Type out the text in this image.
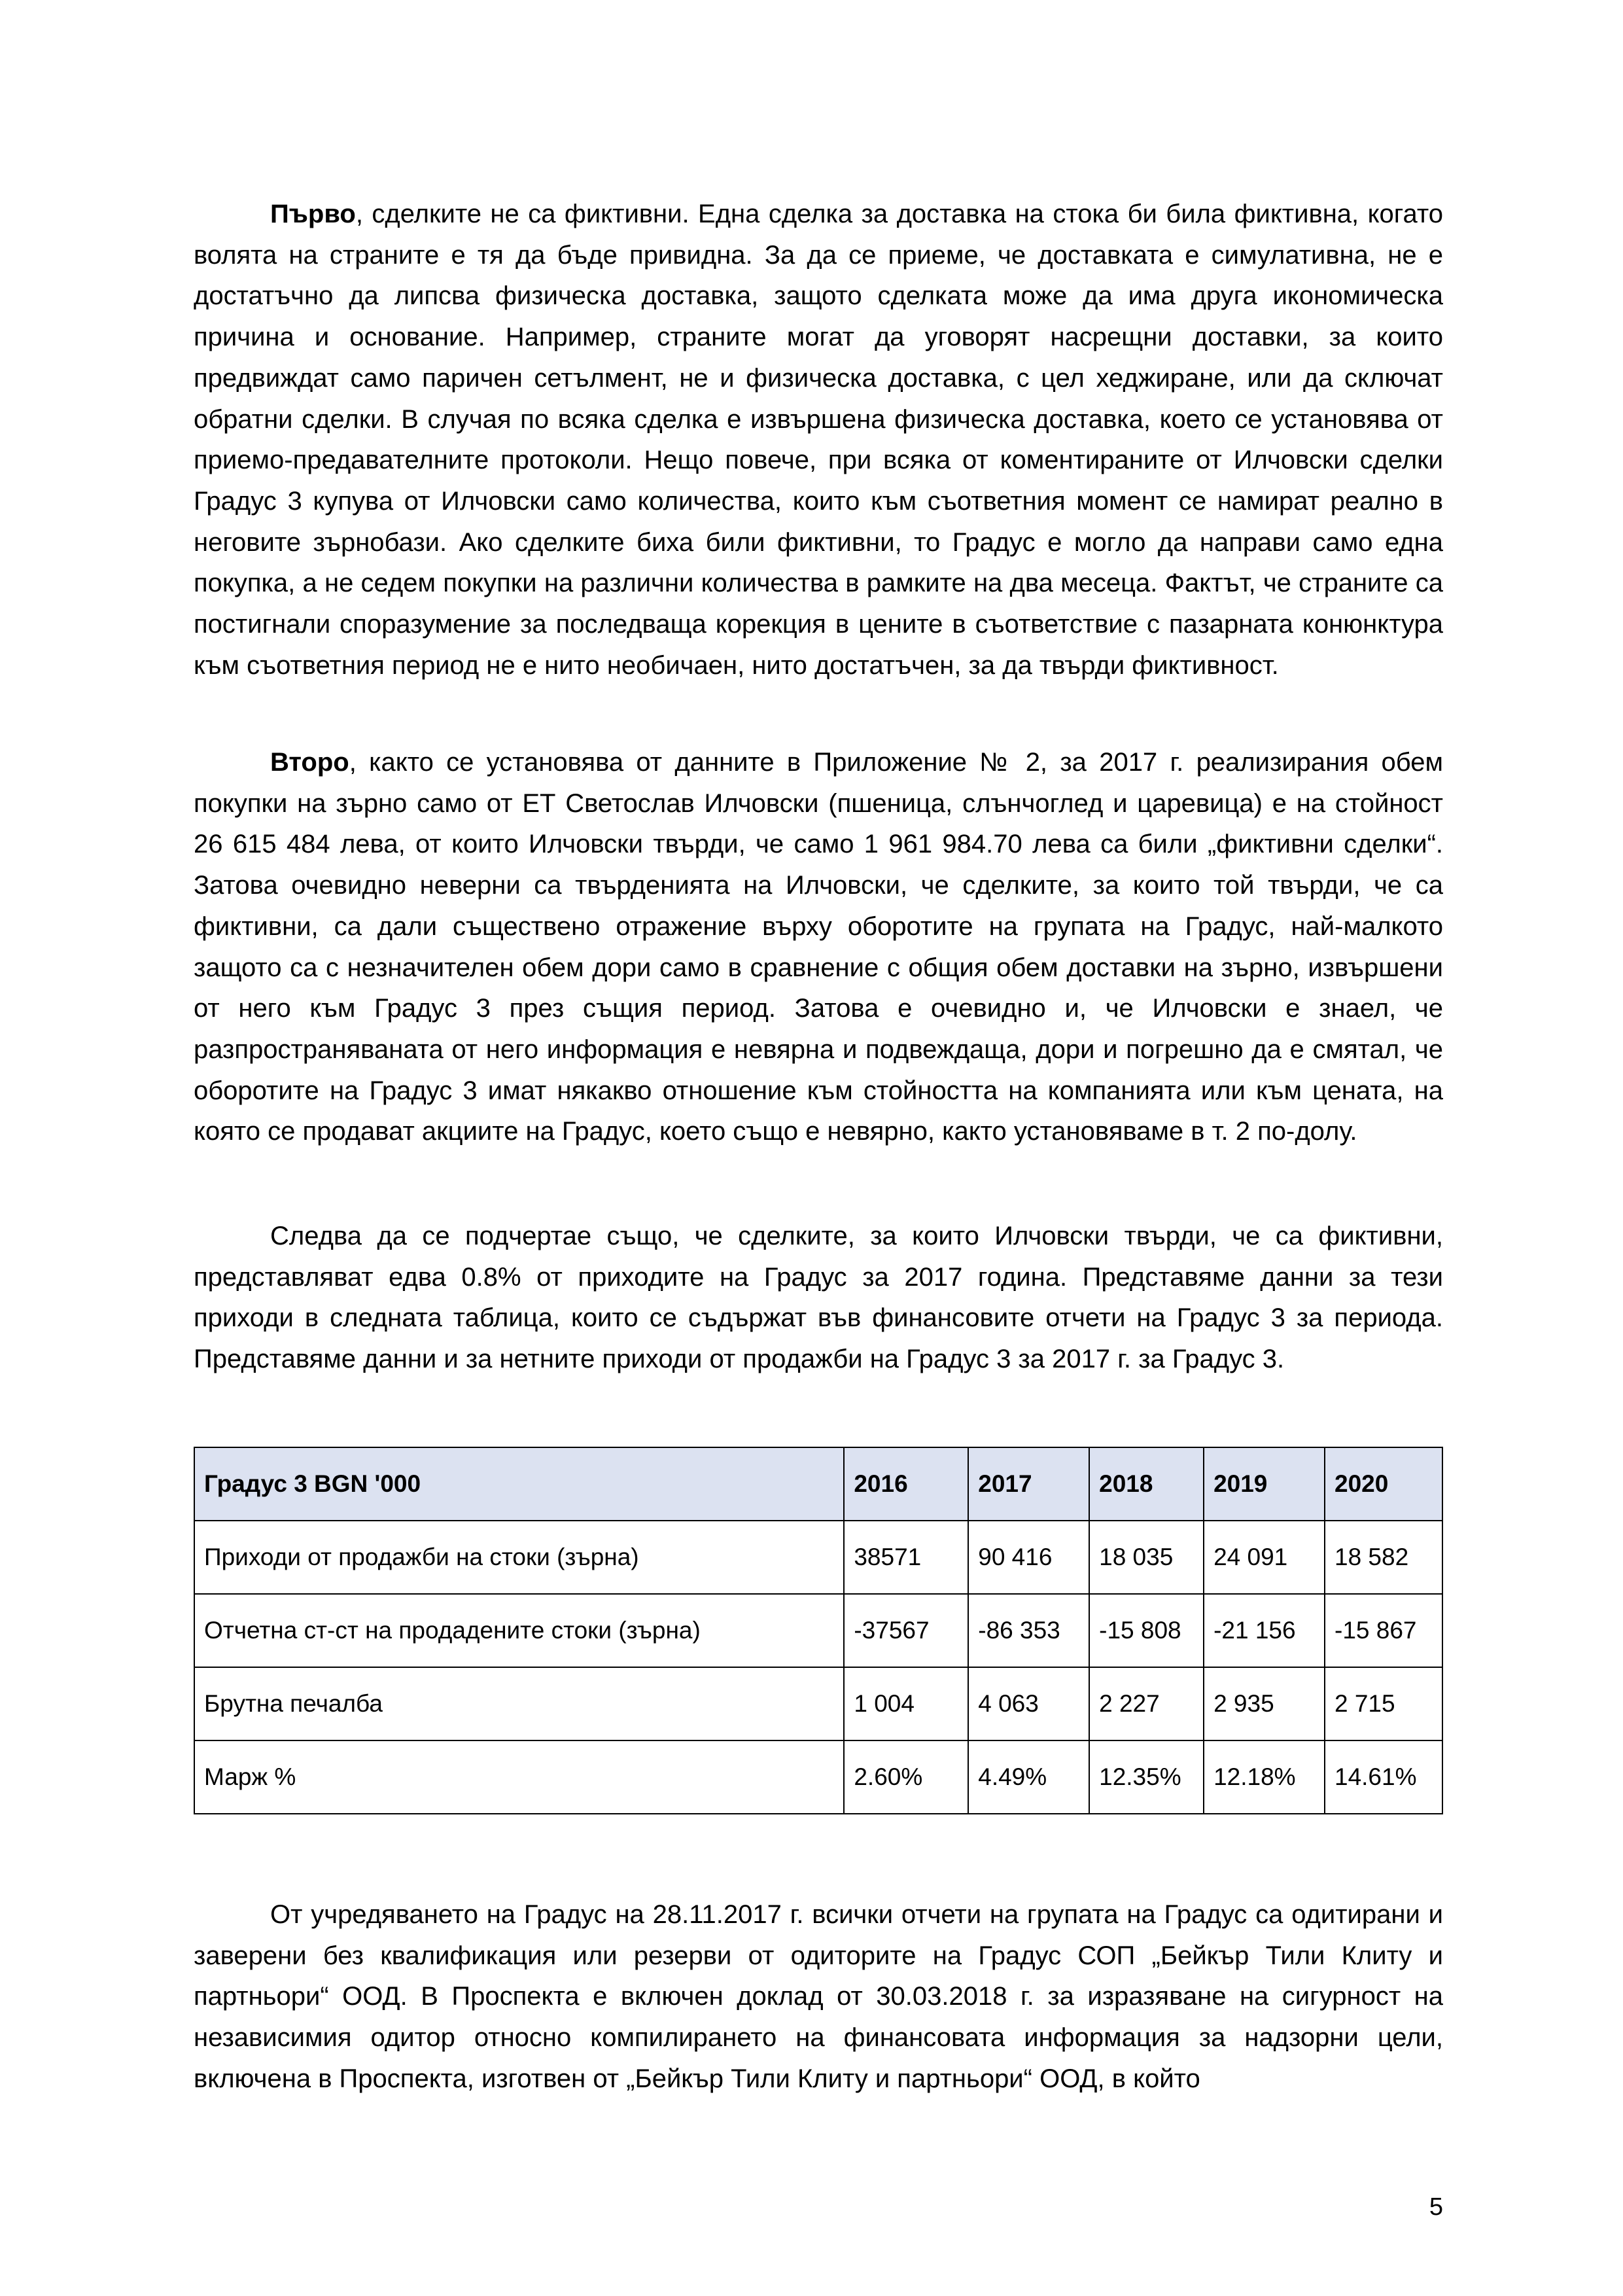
Първо, сделките не са фиктивни. Една сделка за доставка на стока би била фиктивна, когато волята на страните е тя да бъде привидна. За да се приеме, че доставката е симулативна, не е достатъчно да липсва физическа доставка, защото сделката може да има друга икономическа причина и основание. Например, страните могат да уговорят насрещни доставки, за които предвиждат само паричен сетълмент, не и физическа доставка, с цел хеджиране, или да сключат обратни сделки. В случая по всяка сделка е извършена физическа доставка, което се установява от приемо-предавателните протоколи. Нещо повече, при всяка от коментираните от Илчовски сделки Градус 3 купува от Илчовски само количества, които към съответния момент се намират реално в неговите зърнобази. Ако сделките биха били фиктивни, то Градус е могло да направи само една покупка, а не седем покупки на различни количества в рамките на два месеца. Фактът, че страните са постигнали споразумение за последваща корекция в цените в съответствие с пазарната конюнктура към съответния период не е нито необичаен, нито достатъчен, за да твърди фиктивност.

Второ, както се установява от данните в Приложение № 2, за 2017 г. реализирания обем покупки на зърно само от ЕТ Светослав Илчовски (пшеница, слънчоглед и царевица) е на стойност 26 615 484 лева, от които Илчовски твърди, че само 1 961 984.70 лева са били „фиктивни сделки“. Затова очевидно неверни са твърденията на Илчовски, че сделките, за които той твърди, че са фиктивни, са дали съществено отражение върху оборотите на групата на Градус, най-малкото защото са с незначителен обем дори само в сравнение с общия обем доставки на зърно, извършени от него към Градус 3 през същия период. Затова е очевидно и, че Илчовски е знаел, че разпространяваната от него информация е невярна и подвеждаща, дори и погрешно да е смятал, че оборотите на Градус 3 имат някакво отношение към стойността на компанията или към цената, на която се продават акциите на Градус, което също е невярно, както установяваме в т. 2 по-долу.

Следва да се подчертае също, че сделките, за които Илчовски твърди, че са фиктивни, представляват едва 0.8% от приходите на Градус за 2017 година. Представяме данни за тези приходи в следната таблица, които се съдържат във финансовите отчети на Градус 3 за периода. Представяме данни и за нетните приходи от продажби на Градус 3 за 2017 г. за Градус 3.

Градус 3 BGN '000	2016	2017	2018	2019	2020
Приходи от продажби на стоки (зърна)	38571	90 416	18 035	24 091	18 582
Отчетна ст-ст на продадените стоки (зърна)	-37567	-86 353	-15 808	-21 156	-15 867
Брутна печалба	1 004	4 063	2 227	2 935	2 715
Марж %	2.60%	4.49%	12.35%	12.18%	14.61%

От учредяването на Градус на 28.11.2017 г. всички отчети на групата на Градус са одитирани и заверени без квалификация или резерви от одиторите на Градус СОП „Бейкър Тили Клиту и партньори“ ООД. В Проспекта е включен доклад от 30.03.2018 г. за изразяване на сигурност на независимия одитор относно компилирането на финансовата информация за надзорни цели, включена в Проспекта, изготвен от „Бейкър Тили Клиту и партньори“ ООД, в който

5
